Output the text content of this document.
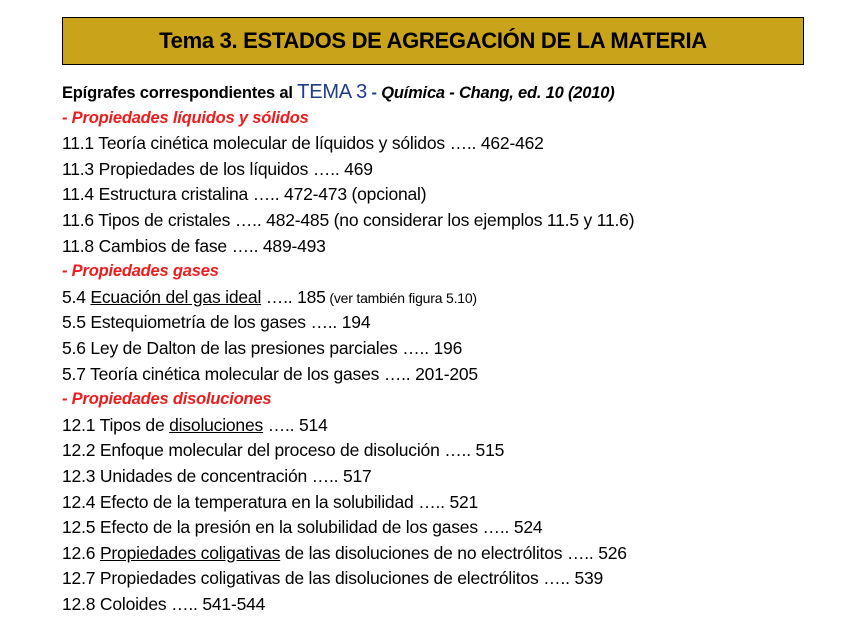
Tema 3. ESTADOS DE AGREGACIÓN DE LA MATERIA
Epígrafes correspondientes al TEMA 3 - Química - Chang, ed. 10 (2010)
- Propiedades líquidos y sólidos
11.1 Teoría cinética molecular de líquidos y sólidos ….. 462-462
11.3 Propiedades de los líquidos ….. 469
11.4 Estructura cristalina ….. 472-473 (opcional)
11.6 Tipos de cristales ….. 482-485 (no considerar los ejemplos 11.5 y 11.6)
11.8 Cambios de fase ….. 489-493
- Propiedades gases
5.4 Ecuación del gas ideal ….. 185 (ver también figura 5.10)
5.5 Estequiometría de los gases ….. 194
5.6 Ley de Dalton de las presiones parciales ….. 196
5.7 Teoría cinética molecular de los gases ….. 201-205
- Propiedades disoluciones
12.1 Tipos de disoluciones ….. 514
12.2 Enfoque molecular del proceso de disolución ….. 515
12.3 Unidades de concentración ….. 517
12.4 Efecto de la temperatura en la solubilidad ….. 521
12.5 Efecto de la presión en la solubilidad de los gases ….. 524
12.6 Propiedades coligativas de las disoluciones de no electrólitos ….. 526
12.7 Propiedades coligativas de las disoluciones de electrólitos ….. 539
12.8 Coloides ….. 541-544
